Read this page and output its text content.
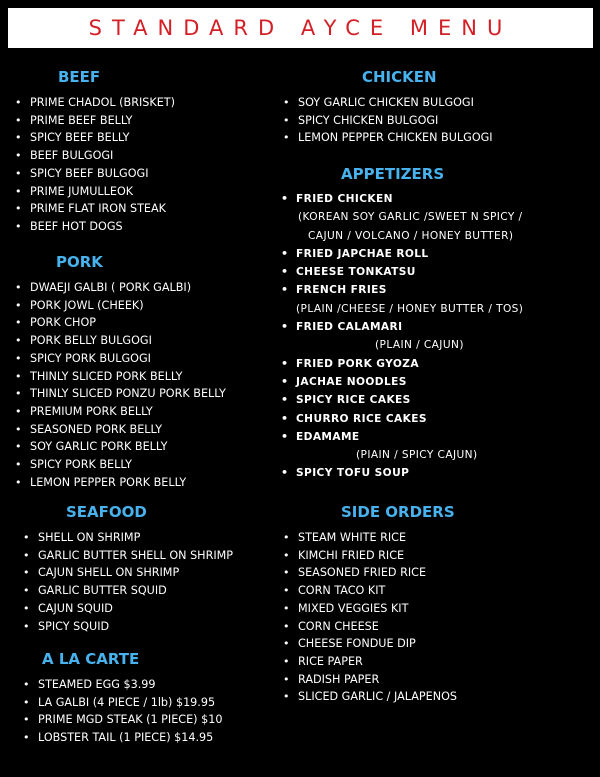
STANDARD AYCE MENU
BEEF
• PRIME CHADOL (BRISKET)
• PRIME BEEF BELLY
• SPICY BEEF BELLY
• BEEF BULGOGI
• SPICY BEEF BULGOGI
• PRIME JUMULLEOK
• PRIME FLAT IRON STEAK
• BEEF HOT DOGS
PORK
• DWAEJI GALBI ( PORK GALBI)
• PORK JOWL (CHEEK)
• PORK CHOP
• PORK BELLY BULGOGI
• SPICY PORK BULGOGI
• THINLY SLICED PORK BELLY
• THINLY SLICED PONZU PORK BELLY
• PREMIUM PORK BELLY
• SEASONED PORK BELLY
• SOY GARLIC PORK BELLY
• SPICY PORK BELLY
• LEMON PEPPER PORK BELLY
SEAFOOD
• SHELL ON SHRIMP
• GARLIC BUTTER SHELL ON SHRIMP
• CAJUN SHELL ON SHRIMP
• GARLIC BUTTER SQUID
• CAJUN SQUID
• SPICY SQUID
A LA CARTE
• STEAMED EGG $3.99
• LA GALBI (4 PIECE / 1lb) $19.95
• PRIME MGD STEAK (1 PIECE) $10
• LOBSTER TAIL (1 PIECE) $14.95
CHICKEN
• SOY GARLIC CHICKEN BULGOGI
• SPICY CHICKEN BULGOGI
• LEMON PEPPER CHICKEN BULGOGI
APPETIZERS
• FRIED CHICKEN
(KOREAN SOY GARLIC /SWEET N SPICY /
CAJUN / VOLCANO / HONEY BUTTER)
• FRIED JAPCHAE ROLL
• CHEESE TONKATSU
• FRENCH FRIES
(PLAIN /CHEESE / HONEY BUTTER / TOS)
• FRIED CALAMARI
(PLAIN / CAJUN)
• FRIED PORK GYOZA
• JACHAE NOODLES
• SPICY RICE CAKES
• CHURRO RICE CAKES
• EDAMAME
(PIAIN / SPICY CAJUN)
• SPICY TOFU SOUP
SIDE ORDERS
• STEAM WHITE RICE
• KIMCHI FRIED RICE
• SEASONED FRIED RICE
• CORN TACO KIT
• MIXED VEGGIES KIT
• CORN CHEESE
• CHEESE FONDUE DIP
• RICE PAPER
• RADISH PAPER
• SLICED GARLIC / JALAPENOS
